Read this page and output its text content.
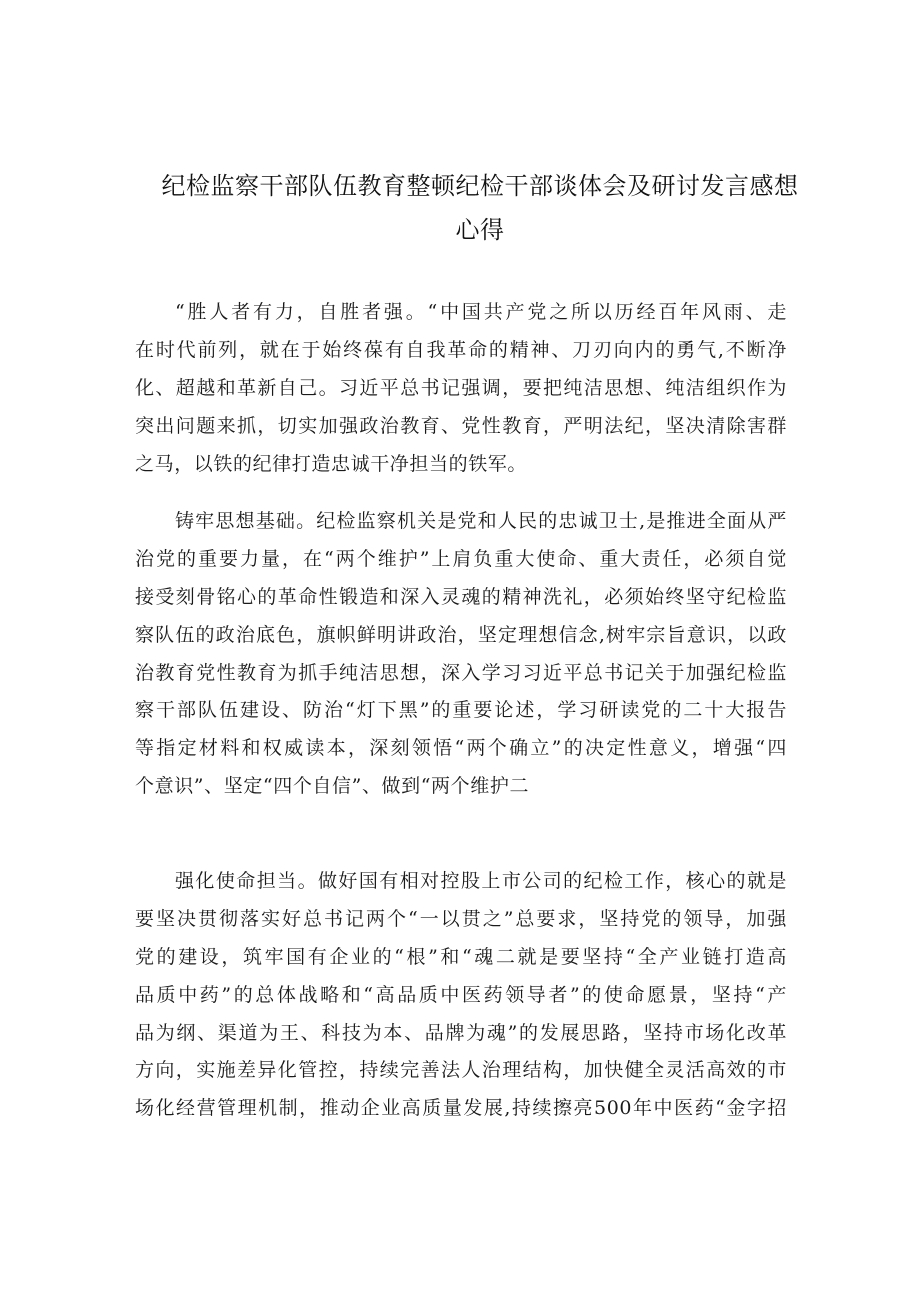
纪检监察干部队伍教育整顿纪检干部谈体会及研讨发言感想
心得
“胜人者有力，自胜者强。“中国共产党之所以历经百年风雨、走
在时代前列，就在于始终葆有自我革命的精神、刀刃向内的勇气,不断净
化、超越和革新自己。习近平总书记强调，要把纯洁思想、纯洁组织作为
突出问题来抓，切实加强政治教育、党性教育，严明法纪，坚决清除害群
之马，以铁的纪律打造忠诚干净担当的铁军。
铸牢思想基础。纪检监察机关是党和人民的忠诚卫士,是推进全面从严
治党的重要力量，在“两个维护”上肩负重大使命、重大责任，必须自觉
接受刻骨铭心的革命性锻造和深入灵魂的精神洗礼，必须始终坚守纪检监
察队伍的政治底色，旗帜鲜明讲政治，坚定理想信念,树牢宗旨意识，以政
治教育党性教育为抓手纯洁思想，深入学习习近平总书记关于加强纪检监
察干部队伍建设、防治“灯下黑”的重要论述，学习研读党的二十大报告
等指定材料和权威读本，深刻领悟“两个确立”的决定性意义，增强“四
个意识”、坚定“四个自信”、做到“两个维护二
强化使命担当。做好国有相对控股上市公司的纪检工作，核心的就是
要坚决贯彻落实好总书记两个“一以贯之”总要求，坚持党的领导，加强
党的建设，筑牢国有企业的“根”和“魂二就是要坚持“全产业链打造高
品质中药”的总体战略和“高品质中医药领导者”的使命愿景，坚持“产
品为纲、渠道为王、科技为本、品牌为魂”的发展思路，坚持市场化改革
方向，实施差异化管控，持续完善法人治理结构，加快健全灵活高效的市
场化经营管理机制，推动企业高质量发展,持续擦亮500年中医药“金字招
